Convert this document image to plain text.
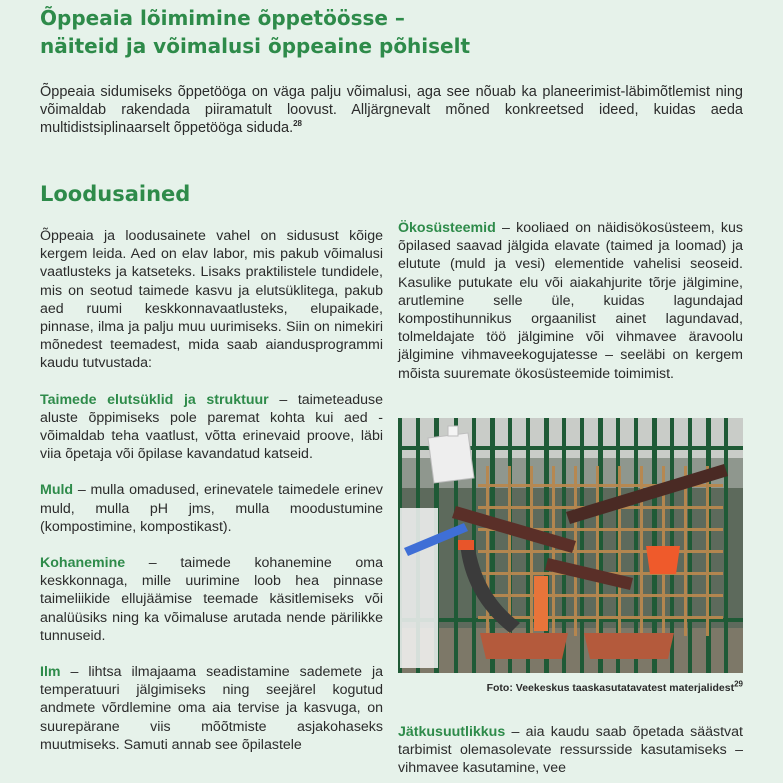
Õppeaia lõimimine õppetöösse –
näiteid ja võimalusi õppeaine põhiselt

Õppeaia sidumiseks õppetööga on väga palju võimalusi, aga see nõuab ka planeerimist-läbimõtlemist ning võimaldab rakendada piiramatult loovust. Alljärgnevalt mõned konkreetsed ideed, kuidas aeda multidistsiplinaarselt õppetööga siduda.$^{28}$

Loodusained

Õppeaia ja loodusainete vahel on sidusust kõige kergem leida. Aed on elav labor, mis pakub võimalusi vaatlusteks ja katseteks. Lisaks praktilistele tundidele, mis on seotud taimede kasvu ja elutsüklitega, pakub aed ruumi keskkonnavaatlusteks, elupaikade, pinnase, ilma ja palju muu uurimiseks. Siin on nimekiri mõnedest teemadest, mida saab aiandusprogrammi kaudu tutvustada:

Taimede elutsüklid ja struktuur – taimeteaduse aluste õppimiseks pole paremat kohta kui aed - võimaldab teha vaatlust, võtta erinevaid proove, läbi viia õpetaja või õpilase kavandatud katseid.

Muld – mulla omadused, erinevatele taimedele erinev muld, mulla pH jms, mulla moodustumine (kompostimine, kompostikast).

Kohanemine – taimede kohanemine oma keskkonnaga, mille uurimine loob hea pinnase taimeliikide ellujäämise teemade käsitlemiseks või analüüsiks ning ka võimaluse arutada nende pärilikke tunnuseid.

Ilm – lihtsa ilmajaama seadistamine sademete ja temperatuuri jälgimiseks ning seejärel kogutud andmete võrdlemine oma aia tervise ja kasvuga, on suurepärane viis mõõtmiste asjakohaseks muutmiseks. Samuti annab see õpilastele

Ökosüsteemid – kooliaed on näidisökosüsteem, kus õpilased saavad jälgida elavate (taimed ja loomad) ja elutute (muld ja vesi) elementide vahelisi seoseid. Kasulike putukate elu või aiakahjurite tõrje jälgimine, arutlemine selle üle, kuidas lagundajad kompostihunnikus orgaanilist ainet lagundavad, tolmeldajate töö jälgimine või vihmavee äravoolu jälgimine vihmaveekogujatesse – seeläbi on kergem mõista suuremate ökosüsteemide toimimist.

Foto: Veekeskus taaskasutatavatest materjalidest$^{29}$

Jätkusuutlikkus – aia kaudu saab õpetada säästvat tarbimist olemasolevate ressursside kasutamiseks – vihmavee kasutamine, vee
